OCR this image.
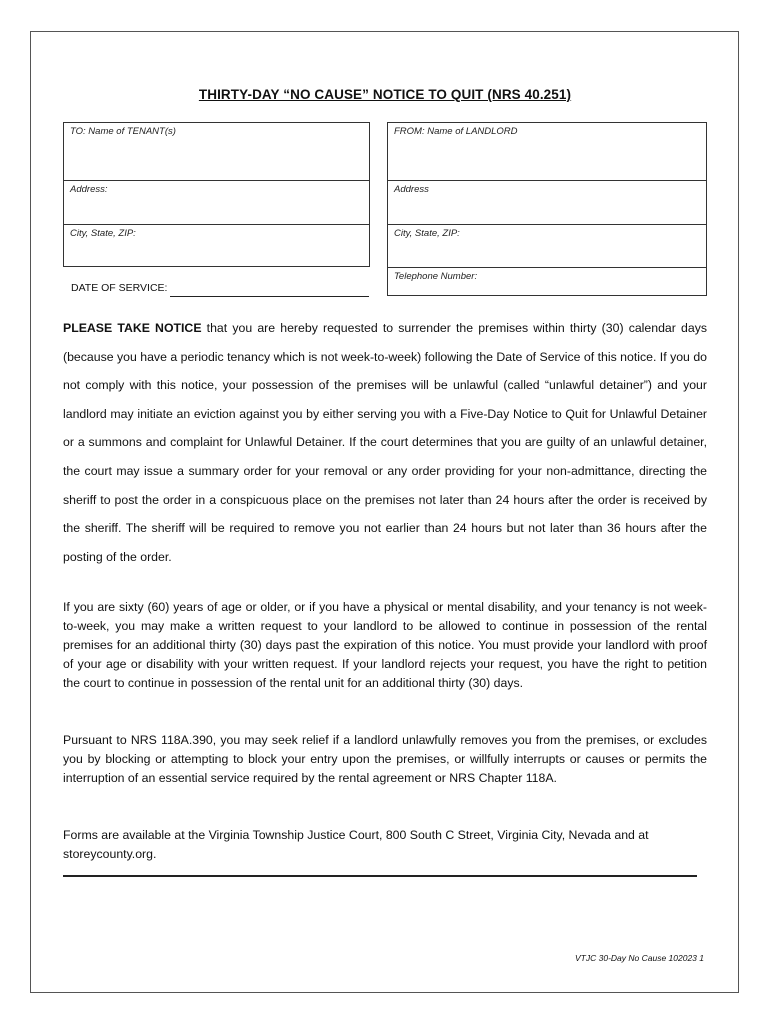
THIRTY-DAY “NO CAUSE” NOTICE TO QUIT (NRS 40.251)
TO: Name of TENANT(s)
Address:
City, State, ZIP:
FROM: Name of LANDLORD
Address
City, State, ZIP:
Telephone Number:
DATE OF SERVICE:
PLEASE TAKE NOTICE that you are hereby requested to surrender the premises within thirty (30) calendar days (because you have a periodic tenancy which is not week-to-week) following the Date of Service of this notice. If you do not comply with this notice, your possession of the premises will be unlawful (called “unlawful detainer”) and your landlord may initiate an eviction against you by either serving you with a Five-Day Notice to Quit for Unlawful Detainer or a summons and complaint for Unlawful Detainer. If the court determines that you are guilty of an unlawful detainer, the court may issue a summary order for your removal or any order providing for your non-admittance, directing the sheriff to post the order in a conspicuous place on the premises not later than 24 hours after the order is received by the sheriff. The sheriff will be required to remove you not earlier than 24 hours but not later than 36 hours after the posting of the order.
If you are sixty (60) years of age or older, or if you have a physical or mental disability, and your tenancy is not week-to-week, you may make a written request to your landlord to be allowed to continue in possession of the rental premises for an additional thirty (30) days past the expiration of this notice. You must provide your landlord with proof of your age or disability with your written request. If your landlord rejects your request, you have the right to petition the court to continue in possession of the rental unit for an additional thirty (30) days.
Pursuant to NRS 118A.390, you may seek relief if a landlord unlawfully removes you from the premises, or excludes you by blocking or attempting to block your entry upon the premises, or willfully interrupts or causes or permits the interruption of an essential service required by the rental agreement or NRS Chapter 118A.
Forms are available at the Virginia Township Justice Court, 800 South C Street, Virginia City, Nevada and at storeycounty.org.
VTJC 30-Day No Cause 102023 1
